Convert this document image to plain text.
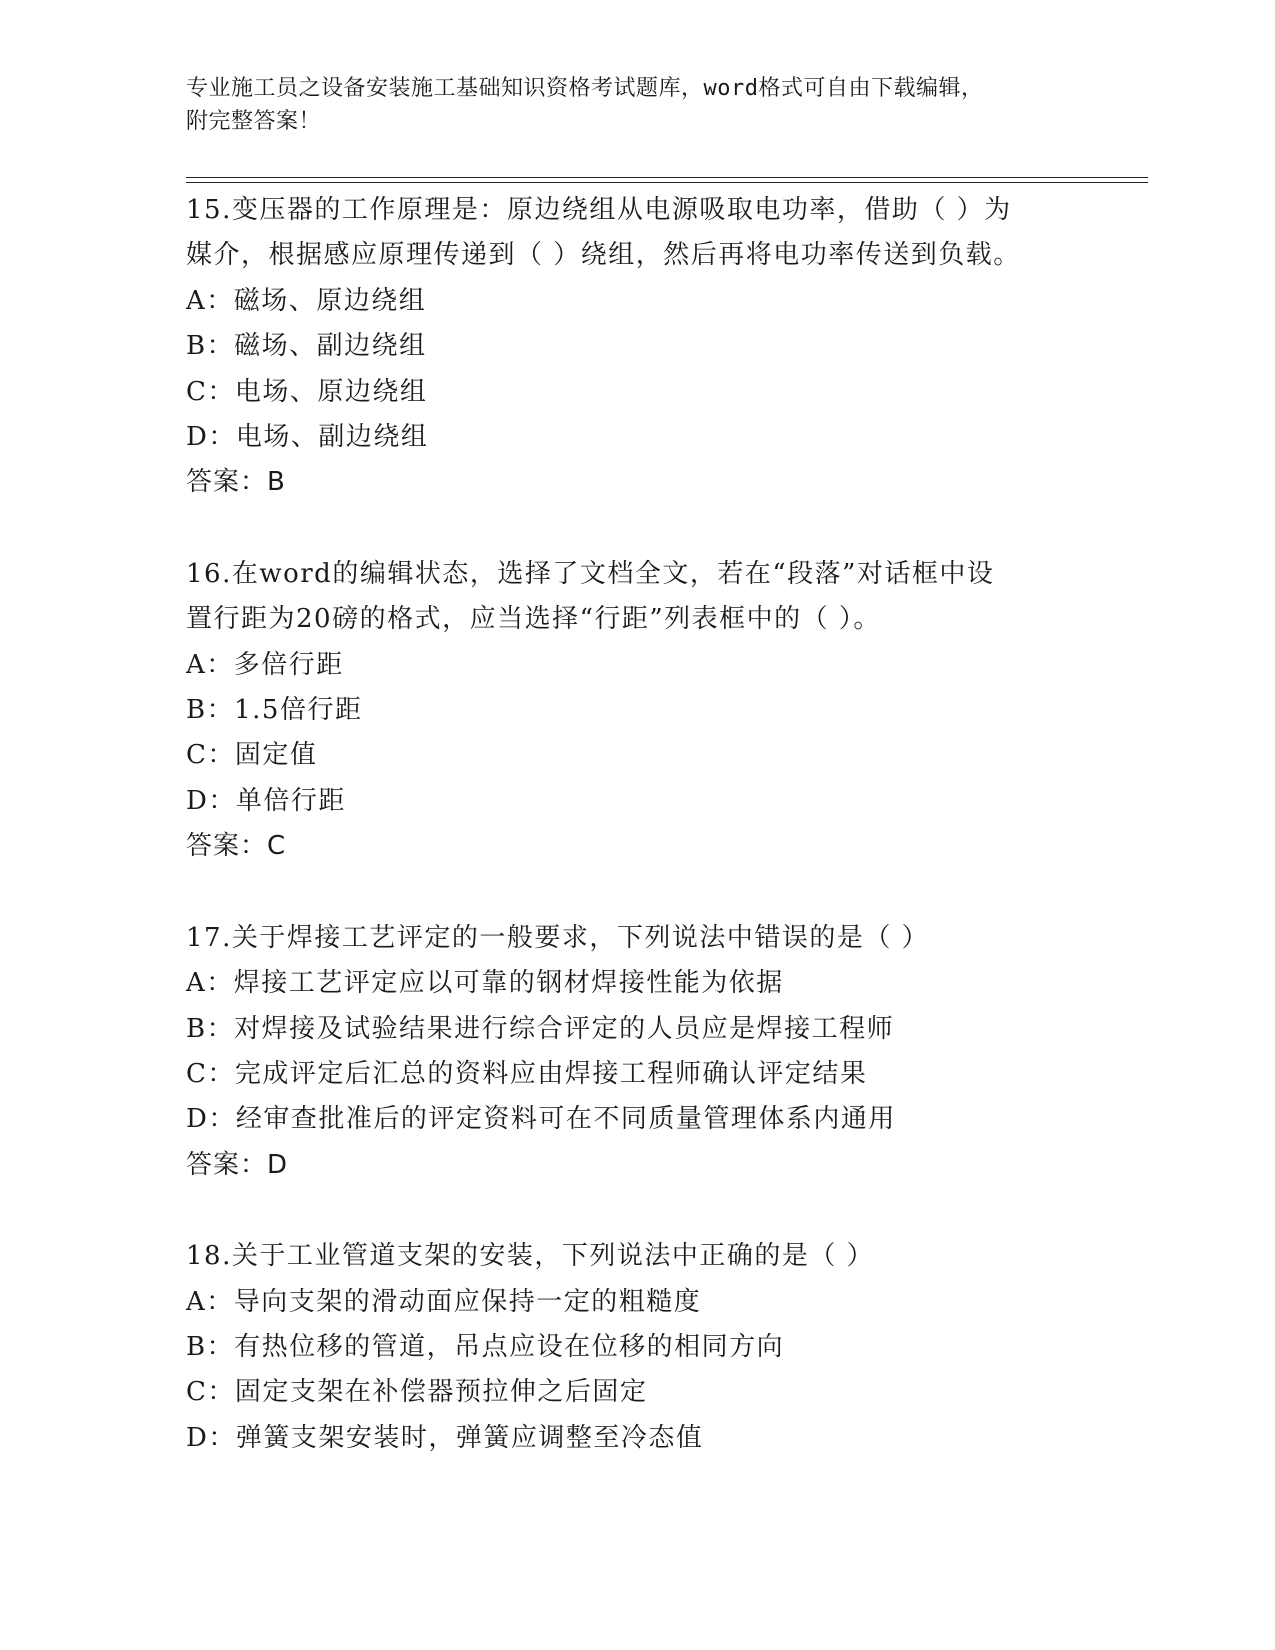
专业施工员之设备安装施工基础知识资格考试题库，word格式可自由下载编辑，
附完整答案！

15.变压器的工作原理是：原边绕组从电源吸取电功率，借助（ ）为
媒介，根据感应原理传递到（ ）绕组，然后再将电功率传送到负载。

A：磁场、原边绕组

B：磁场、副边绕组

C：电场、原边绕组

D：电场、副边绕组

答案：B

16.在word的编辑状态，选择了文档全文，若在“段落”对话框中设
置行距为20磅的格式，应当选择“行距”列表框中的（ ）。

A：多倍行距

B：1.5倍行距

C：固定值

D：单倍行距

答案：C

17.关于焊接工艺评定的一般要求，下列说法中错误的是（ ）

A：焊接工艺评定应以可靠的钢材焊接性能为依据

B：对焊接及试验结果进行综合评定的人员应是焊接工程师

C：完成评定后汇总的资料应由焊接工程师确认评定结果

D：经审查批准后的评定资料可在不同质量管理体系内通用

答案：D

18.关于工业管道支架的安装，下列说法中正确的是（ ）

A：导向支架的滑动面应保持一定的粗糙度

B：有热位移的管道，吊点应设在位移的相同方向

C：固定支架在补偿器预拉伸之后固定

D：弹簧支架安装时，弹簧应调整至冷态值
